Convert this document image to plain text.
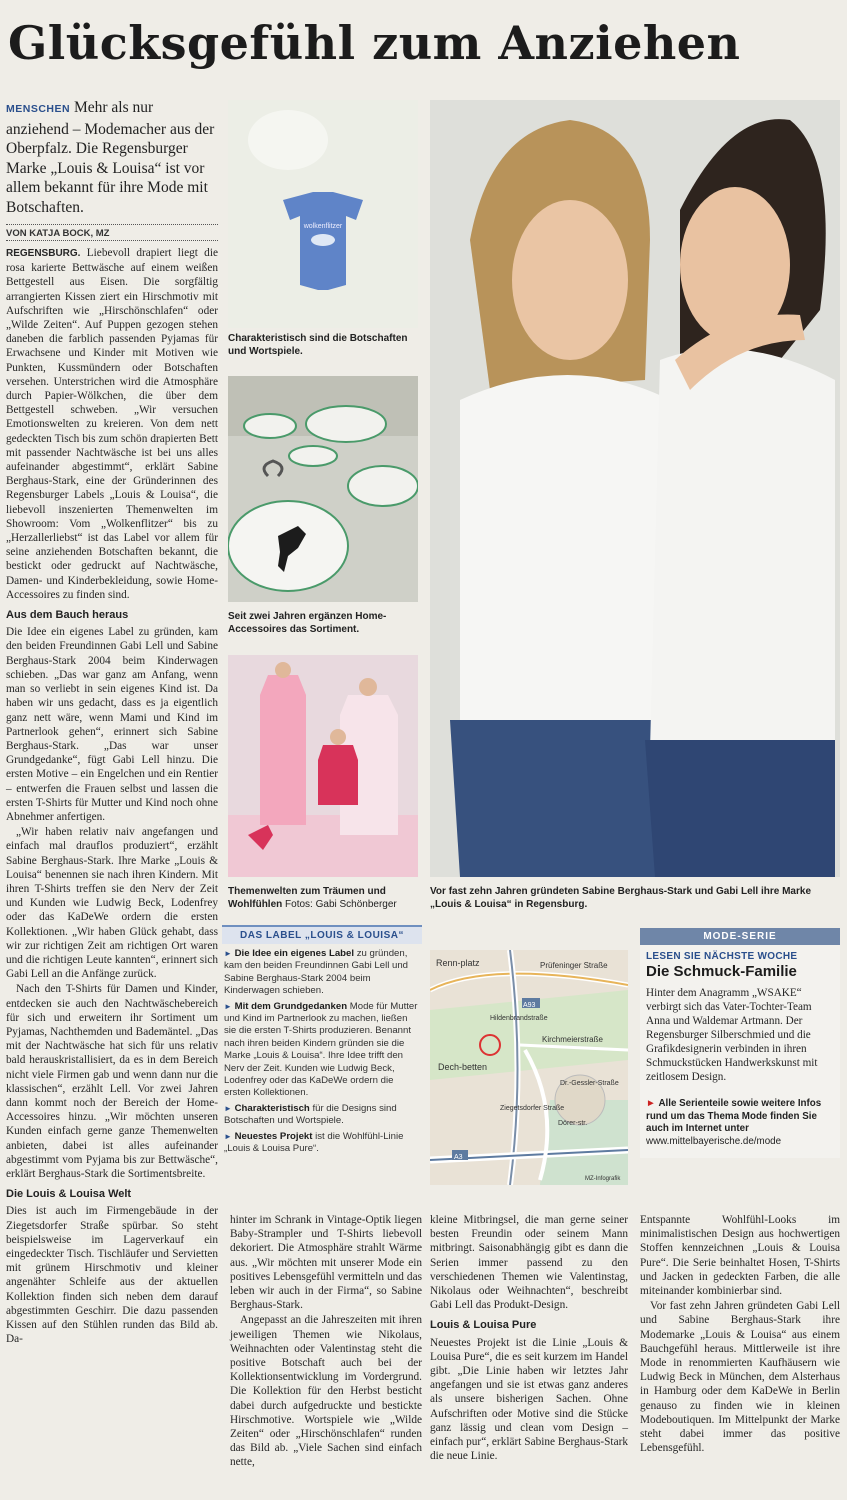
Glücksgefühl zum Anziehen
MENSCHEN Mehr als nur anziehend – Modemacher aus der Oberpfalz. Die Regensburger Marke „Louis & Louisa“ ist vor allem bekannt für ihre Mode mit Botschaften.
VON KATJA BOCK, MZ

REGENSBURG. Liebevoll drapiert liegt die rosa karierte Bettwäsche auf einem weißen Bettgestell aus Eisen. Die sorgfältig arrangierten Kissen ziert ein Hirschmotiv mit Aufschriften wie „Hirschönschlafen“ oder „Wilde Zeiten“. Auf Puppen gezogen stehen daneben die farblich passenden Pyjamas für Erwachsene und Kinder mit Motiven wie Punkten, Kussmündern oder Botschaften versehen. Unterstrichen wird die Atmosphäre durch Papier-Wölkchen, die über dem Bettgestell schweben. „Wir versuchen Emotionswelten zu kreieren. Von dem nett gedeckten Tisch bis zum schön drapierten Bett mit passender Nachtwäsche ist bei uns alles aufeinander abgestimmt“, erklärt Sabine Berghaus-Stark, eine der Gründerinnen des Regensburger Labels „Louis & Louisa“, die liebevoll inszenierten Themenwelten im Showroom: Vom „Wolkenflitzer“ bis zu „Herzallerliebst“ ist das Label vor allem für seine anziehenden Botschaften bekannt, die bestickt oder gedruckt auf Nachtwäsche, Damen- und Kinderbekleidung, sowie Home-Accessoires zu finden sind.

Aus dem Bauch heraus

Die Idee ein eigenes Label zu gründen, kam den beiden Freundinnen Gabi Lell und Sabine Berghaus-Stark 2004 beim Kinderwagen schieben. „Das war ganz am Anfang, wenn man so verliebt in sein eigenes Kind ist. Da haben wir uns gedacht, dass es ja eigentlich ganz nett wäre, wenn Mami und Kind im Partnerlook gehen“, erinnert sich Sabine Berghaus-Stark. „Das war unser Grundgedanke“, fügt Gabi Lell hinzu. Die ersten Motive – ein Engelchen und ein Rentier – entwerfen die Frauen selbst und lassen die ersten T-Shirts für Mutter und Kind noch ohne Abnehmer anfertigen.

„Wir haben relativ naiv angefangen und einfach mal drauflos produziert“, erzählt Sabine Berghaus-Stark. Ihre Marke „Louis & Louisa“ benennen sie nach ihren Kindern. Mit ihren T-Shirts treffen sie den Nerv der Zeit und Kunden wie Ludwig Beck, Lodenfrey oder das KaDeWe ordern die ersten Kollektionen. „Wir haben Glück gehabt, dass wir zur richtigen Zeit am richtigen Ort waren und die richtigen Leute kannten“, erinnert sich Gabi Lell an die Anfänge zurück.

Nach den T-Shirts für Damen und Kinder, entdecken sie auch den Nachtwäschebereich für sich und erweitern ihr Sortiment um Pyjamas, Nachthemden und Bademäntel. „Das mit der Nachtwäsche hat sich für uns relativ bald herauskristallisiert, da es in dem Bereich nicht viele Firmen gab und wenn dann nur die klassischen“, erzählt Lell. Vor zwei Jahren dann kommt noch der Bereich der Home-Accessoires hinzu. „Wir möchten unseren Kunden einfach gerne ganze Themenwelten anbieten, dabei ist alles aufeinander abgestimmt vom Pyjama bis zur Bettwäsche“, erklärt Berghaus-Stark die Sortimentsbreite.

Die Louis & Louisa Welt

Dies ist auch im Firmengebäude in der Ziegetsdorfer Straße spürbar. So steht beispielsweise im Lagerverkauf ein eingedeckter Tisch. Tischläufer und Servietten mit grünem Hirschmotiv und kleiner angenähter Schleife aus der aktuellen Kollektion finden sich neben dem darauf abgestimmten Geschirr. Die dazu passenden Kissen auf den Stühlen runden das Bild ab. Da-

wolkenflitzer
Charakteristisch sind die Botschaften und Wortspiele.
Seit zwei Jahren ergänzen Home-Accessoires das Sortiment.
Themenwelten zum Träumen und Wohlfühlen Fotos: Gabi Schönberger
Vor fast zehn Jahren gründeten Sabine Berghaus-Stark und Gabi Lell ihre Marke „Louis & Louisa“ in Regensburg.
DAS LABEL „LOUIS & LOUISA“
► Die Idee ein eigenes Label zu gründen, kam den beiden Freundinnen Gabi Lell und Sabine Berghaus-Stark 2004 beim Kinderwagen schieben.
► Mit dem Grundgedanken Mode für Mutter und Kind im Partnerlook zu machen, ließen sie die ersten T-Shirts produzieren. Benannt nach ihren beiden Kindern gründen sie die Marke „Louis & Louisa“. Ihre Idee trifft den Nerv der Zeit. Kunden wie Ludwig Beck, Lodenfrey oder das KaDeWe ordern die ersten Kollektionen.
► Charakteristisch für die Designs sind Botschaften und Wortspiele.
► Neuestes Projekt ist die Wohlfühl-Linie „Louis & Louisa Pure“.
Renn-platz	Prüfeninger Straße
A93
Kirchmeierstraße
Dech-betten
Dr.-Gessler-Straße
Ziegetsdorfer Straße
Dörer-str.
A3
Hildenbrandstraße
MZ-Infografik
MODE-SERIE
LESEN SIE NÄCHSTE WOCHE
Die Schmuck-Familie
Hinter dem Anagramm „WSAKE“ verbirgt sich das Vater-Tochter-Team Anna und Waldemar Artmann. Der Regensburger Silberschmied und die Grafikdesignerin verbinden in ihren Schmuckstücken Handwerkskunst mit zeitlosem Design.
► Alle Serienteile sowie weitere Infos rund um das Thema Mode finden Sie auch im Internet unter
www.mittelbayerische.de/mode

hinter im Schrank in Vintage-Optik liegen Baby-Strampler und T-Shirts liebevoll dekoriert. Die Atmosphäre strahlt Wärme aus. „Wir möchten mit unserer Mode ein positives Lebensgefühl vermitteln und das leben wir auch in der Firma“, so Sabine Berghaus-Stark.

Angepasst an die Jahreszeiten mit ihren jeweiligen Themen wie Nikolaus, Weihnachten oder Valentinstag steht die positive Botschaft auch bei der Kollektionsentwicklung im Vordergrund. Die Kollektion für den Herbst besticht dabei durch aufgedruckte und bestickte Hirschmotive. Wortspiele wie „Wilde Zeiten“ oder „Hirschönschlafen“ runden das Bild ab. „Viele Sachen sind einfach nette,

kleine Mitbringsel, die man gerne seiner besten Freundin oder seinem Mann mitbringt. Saisonabhängig gibt es dann die Serien immer passend zu den verschiedenen Themen wie Valentinstag, Nikolaus oder Weihnachten“, beschreibt Gabi Lell das Produkt-Design.

Louis & Louisa Pure

Neuestes Projekt ist die Linie „Louis & Louisa Pure“, die es seit kurzem im Handel gibt. „Die Linie haben wir letztes Jahr angefangen und sie ist etwas ganz anderes als unsere bisherigen Sachen. Ohne Aufschriften oder Motive sind die Stücke ganz lässig und clean vom Design – einfach pur“, erklärt Sabine Berghaus-Stark die neue Linie.

Entspannte Wohlfühl-Looks im minimalistischen Design aus hochwertigen Stoffen kennzeichnen „Louis & Louisa Pure“. Die Serie beinhaltet Hosen, T-Shirts und Jacken in gedeckten Farben, die alle miteinander kombinierbar sind.

Vor fast zehn Jahren gründeten Gabi Lell und Sabine Berghaus-Stark ihre Modemarke „Louis & Louisa“ aus einem Bauchgefühl heraus. Mittlerweile ist ihre Mode in renommierten Kaufhäusern wie Ludwig Beck in München, dem Alsterhaus in Hamburg oder dem KaDeWe in Berlin genauso zu finden wie in kleinen Modeboutiquen. Im Mittelpunkt der Marke steht dabei immer das positive Lebensgefühl.
